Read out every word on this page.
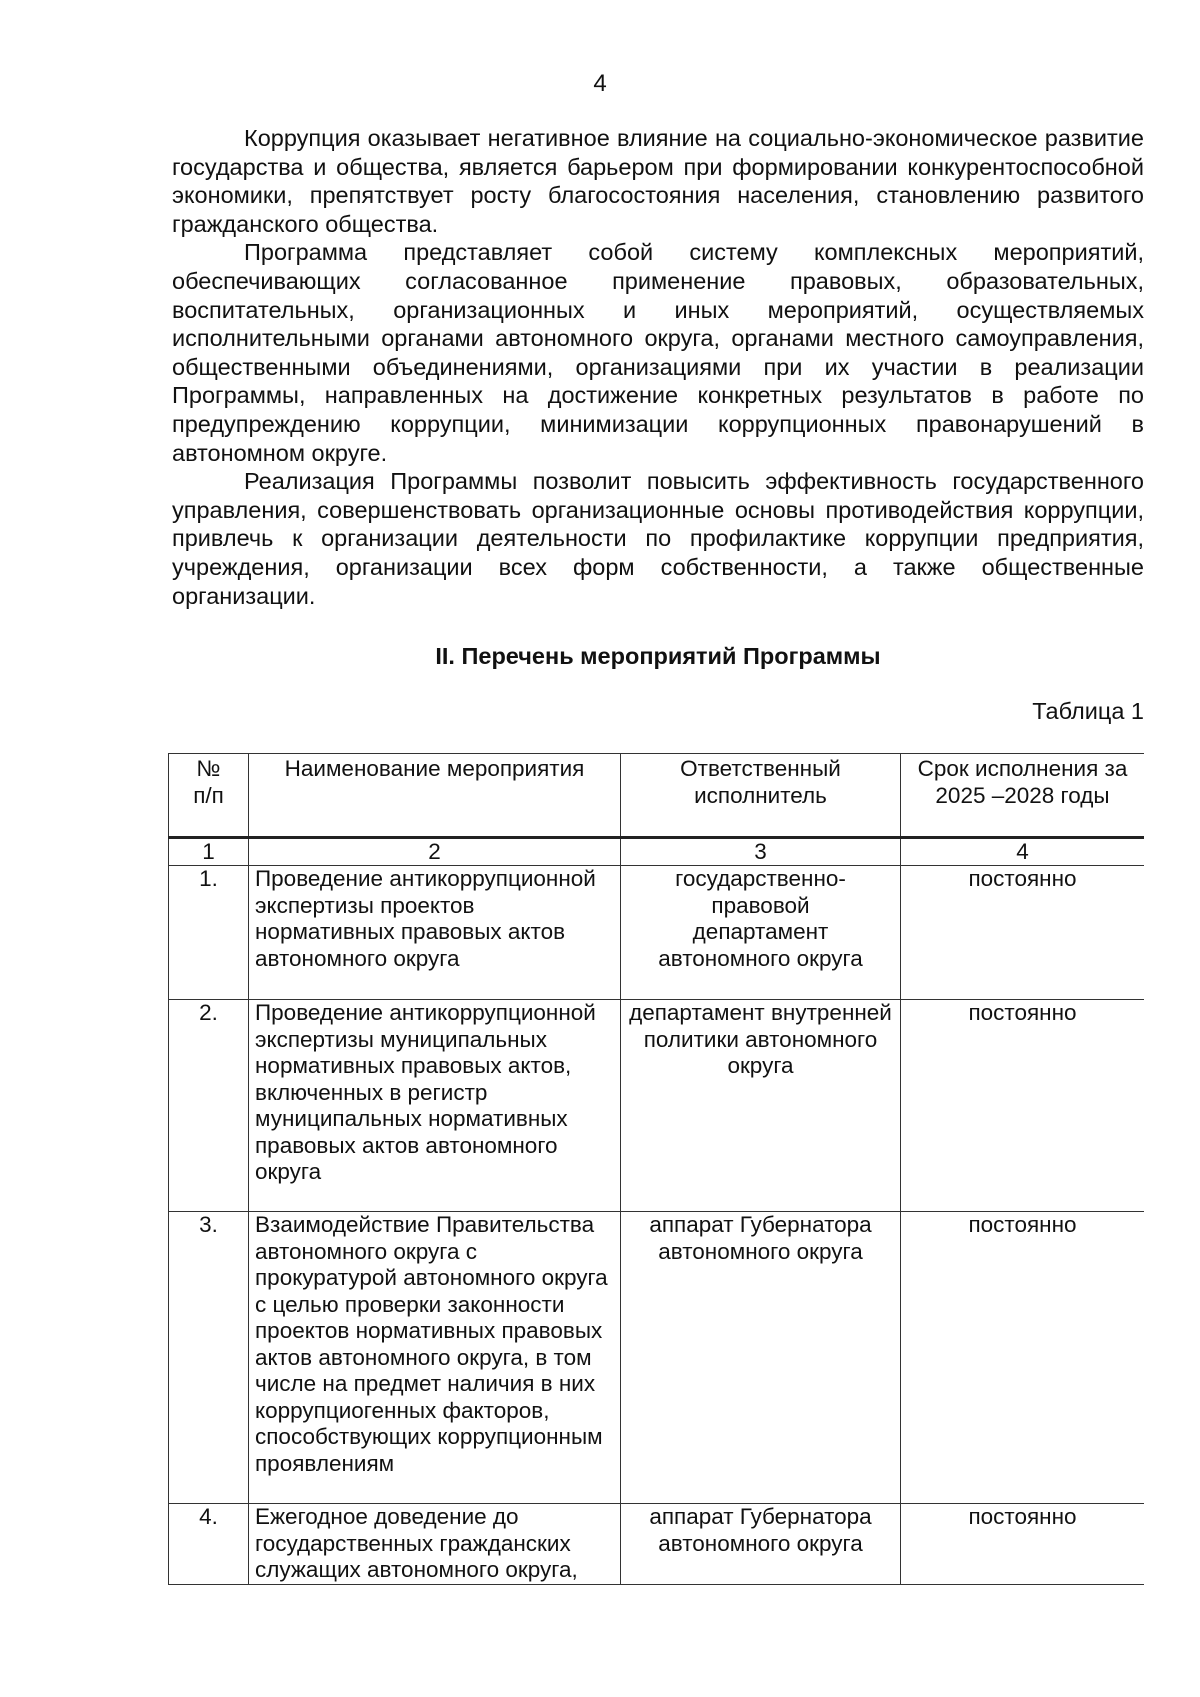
4

Коррупция оказывает негативное влияние на социально-экономическое развитие государства и общества, является барьером при формировании конкурентоспособной экономики, препятствует росту благосостояния населения, становлению развитого гражданского общества.

Программа представляет собой систему комплексных мероприятий, обеспечивающих согласованное применение правовых, образовательных, воспитательных, организационных и иных мероприятий, осуществляемых исполнительными органами автономного округа, органами местного самоуправления, общественными объединениями, организациями при их участии в реализации Программы, направленных на достижение конкретных результатов в работе по предупреждению коррупции, минимизации коррупционных правонарушений в автономном округе.

Реализация Программы позволит повысить эффективность государственного управления, совершенствовать организационные основы противодействия коррупции, привлечь к организации деятельности по профилактике коррупции предприятия, учреждения, организации всех форм собственности, а также общественные организации.

II. Перечень мероприятий Программы
Таблица 1
№ п/п	Наименование мероприятия	Ответственный исполнитель	Срок исполнения за 2025 –2028 годы

1	2	3	4
1.	Проведение антикоррупционной экспертизы проектов нормативных правовых актов автономного округа	государственно-правовой департамент автономного округа	постоянно
2.	Проведение антикоррупционной экспертизы муниципальных нормативных правовых актов, включенных в регистр муниципальных нормативных правовых актов автономного округа	департамент внутренней политики автономного округа	постоянно
3.	Взаимодействие Правительства автономного округа с прокуратурой автономного округа с целью проверки законности проектов нормативных правовых актов автономного округа, в том числе на предмет наличия в них коррупциогенных факторов, способствующих коррупционным проявлениям	аппарат Губернатора автономного округа	постоянно
4.	Ежегодное доведение до государственных гражданских служащих автономного округа,	аппарат Губернатора автономного округа	постоянно
